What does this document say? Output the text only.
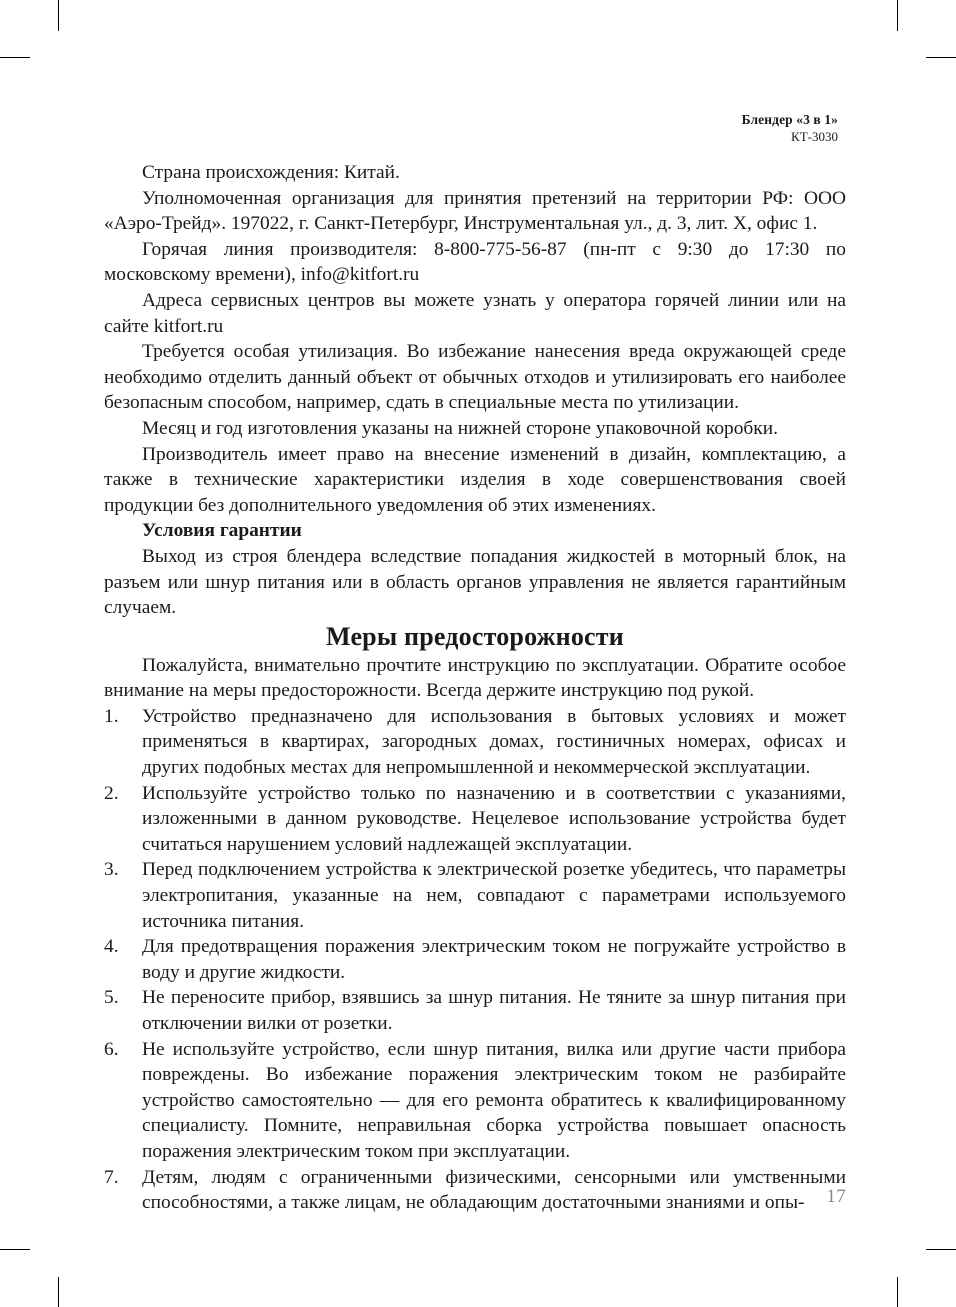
Блендер «3 в 1»
КТ-3030

Страна происхождения: Китай.

Уполномоченная организация для принятия претензий на территории РФ: ООО «Аэро-Трейд». 197022, г. Санкт-Петербург, Инструментальная ул., д. 3, лит. X, офис 1.

Горячая линия производителя: 8-800-775-56-87 (пн-пт с 9:30 до 17:30 по московскому времени), info@kitfort.ru

Адреса сервисных центров вы можете узнать у оператора горячей линии или на сайте kitfort.ru

Требуется особая утилизация. Во избежание нанесения вреда окружающей среде необходимо отделить данный объект от обычных отходов и утилизировать его наиболее безопасным способом, например, сдать в специальные места по утилизации.

Месяц и год изготовления указаны на нижней стороне упаковочной коробки.

Производитель имеет право на внесение изменений в дизайн, комплектацию, а также в технические характеристики изделия в ходе совершенствования своей продукции без дополнительного уведомления об этих изменениях.

Условия гарантии

Выход из строя блендера вследствие попадания жидкостей в моторный блок, на разъем или шнур питания или в область органов управления не является гарантийным случаем.

Меры предосторожности

Пожалуйста, внимательно прочтите инструкцию по эксплуатации. Обратите особое внимание на меры предосторожности. Всегда держите инструкцию под рукой.

1.	Устройство предназначено для использования в бытовых условиях и может применяться в квартирах, загородных домах, гостиничных номерах, офисах и других подобных местах для непромышленной и некоммерческой эксплуатации.
2.	Используйте устройство только по назначению и в соответствии с указаниями, изложенными в данном руководстве. Нецелевое использование устройства будет считаться нарушением условий надлежащей эксплуатации.
3.	Перед подключением устройства к электрической розетке убедитесь, что параметры электропитания, указанные на нем, совпадают с параметрами используемого источника питания.
4.	Для предотвращения поражения электрическим током не погружайте устройство в воду и другие жидкости.
5.	Не переносите прибор, взявшись за шнур питания. Не тяните за шнур питания при отключении вилки от розетки.
6.	Не используйте устройство, если шнур питания, вилка или другие части прибора повреждены. Во избежание поражения электрическим током не разбирайте устройство самостоятельно — для его ремонта обратитесь к квалифицированному специалисту. Помните, неправильная сборка устройства повышает опасность поражения электрическим током при эксплуатации.
7.	Детям, людям с ограниченными физическими, сенсорными или умственными способностями, а также лицам, не обладающим достаточными знаниями и опы-	17
